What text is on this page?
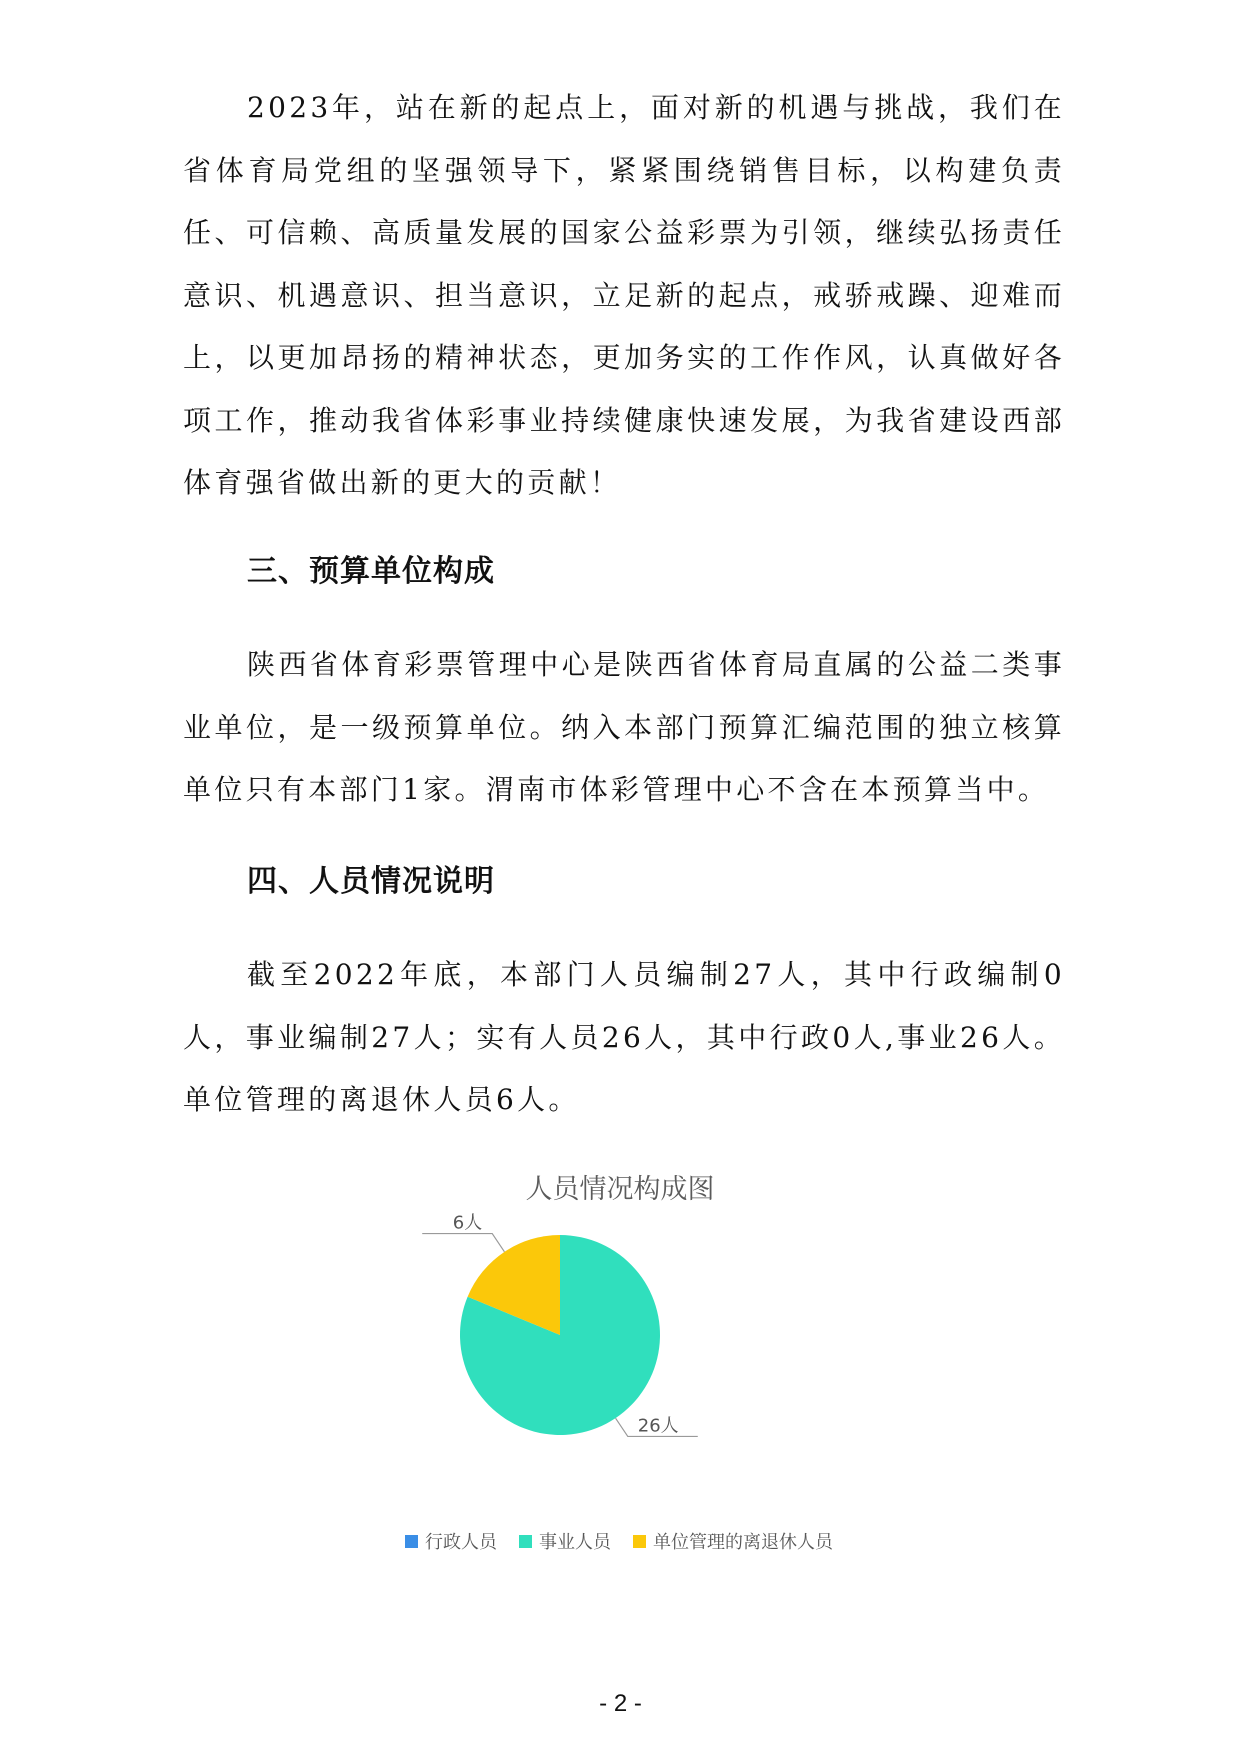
2023年，站在新的起点上，面对新的机遇与挑战，我们在省体育局党组的坚强领导下，紧紧围绕销售目标，以构建负责任、可信赖、高质量发展的国家公益彩票为引领，继续弘扬责任意识、机遇意识、担当意识，立足新的起点，戒骄戒躁、迎难而上，以更加昂扬的精神状态，更加务实的工作作风，认真做好各项工作，推动我省体彩事业持续健康快速发展，为我省建设西部体育强省做出新的更大的贡献！

三、预算单位构成

陕西省体育彩票管理中心是陕西省体育局直属的公益二类事业单位，是一级预算单位。纳入本部门预算汇编范围的独立核算单位只有本部门1家。渭南市体彩管理中心不含在本预算当中。

四、人员情况说明

截至2022年底，本部门人员编制27人，其中行政编制0人，事业编制27人；实有人员26人，其中行政0人,事业26人。单位管理的离退休人员6人。

人员情况构成图
26人
6人
行政人员 事业人员 单位管理的离退休人员
- 2 -
